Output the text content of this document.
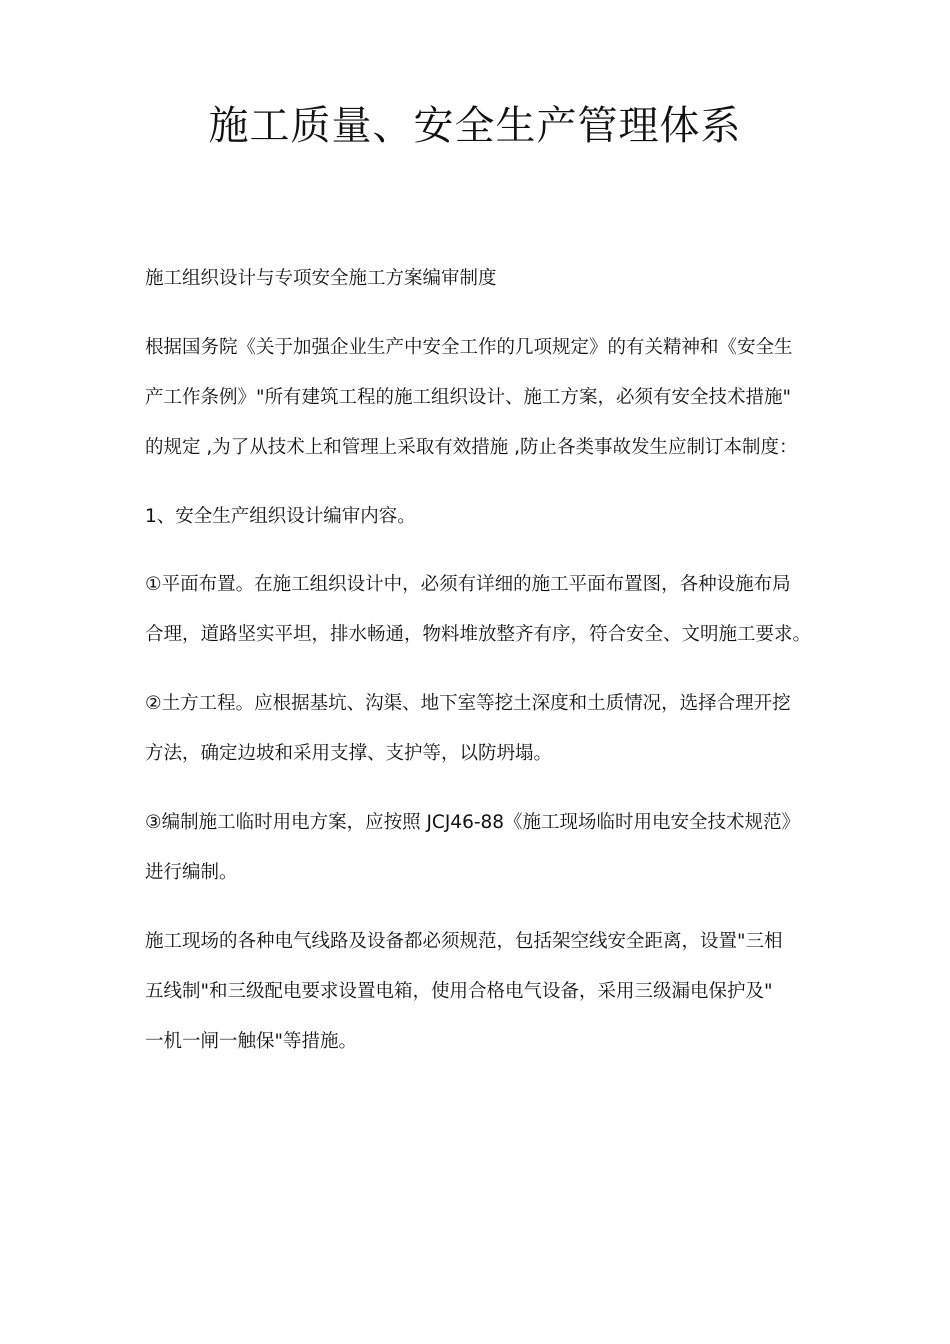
施工质量、安全生产管理体系

施工组织设计与专项安全施工方案编审制度

根据国务院《关于加强企业生产中安全工作的几项规定》的有关精神和《安全生
产工作条例》"所有建筑工程的施工组织设计、施工方案，必须有安全技术措施"
的规定 ,为了从技术上和管理上采取有效措施 ,防止各类事故发生应制订本制度：

1、安全生产组织设计编审内容。

①平面布置。在施工组织设计中，必须有详细的施工平面布置图，各种设施布局
合理，道路坚实平坦，排水畅通，物料堆放整齐有序，符合安全、文明施工要求。

②土方工程。应根据基坑、沟渠、地下室等挖土深度和土质情况，选择合理开挖
方法，确定边坡和采用支撑、支护等，以防坍塌。

③编制施工临时用电方案，应按照 JCJ46-88《施工现场临时用电安全技术规范》
进行编制。

施工现场的各种电气线路及设备都必须规范，包括架空线安全距离，设置"三相
五线制"和三级配电要求设置电箱，使用合格电气设备，采用三级漏电保护及"
一机一闸一触保"等措施。
